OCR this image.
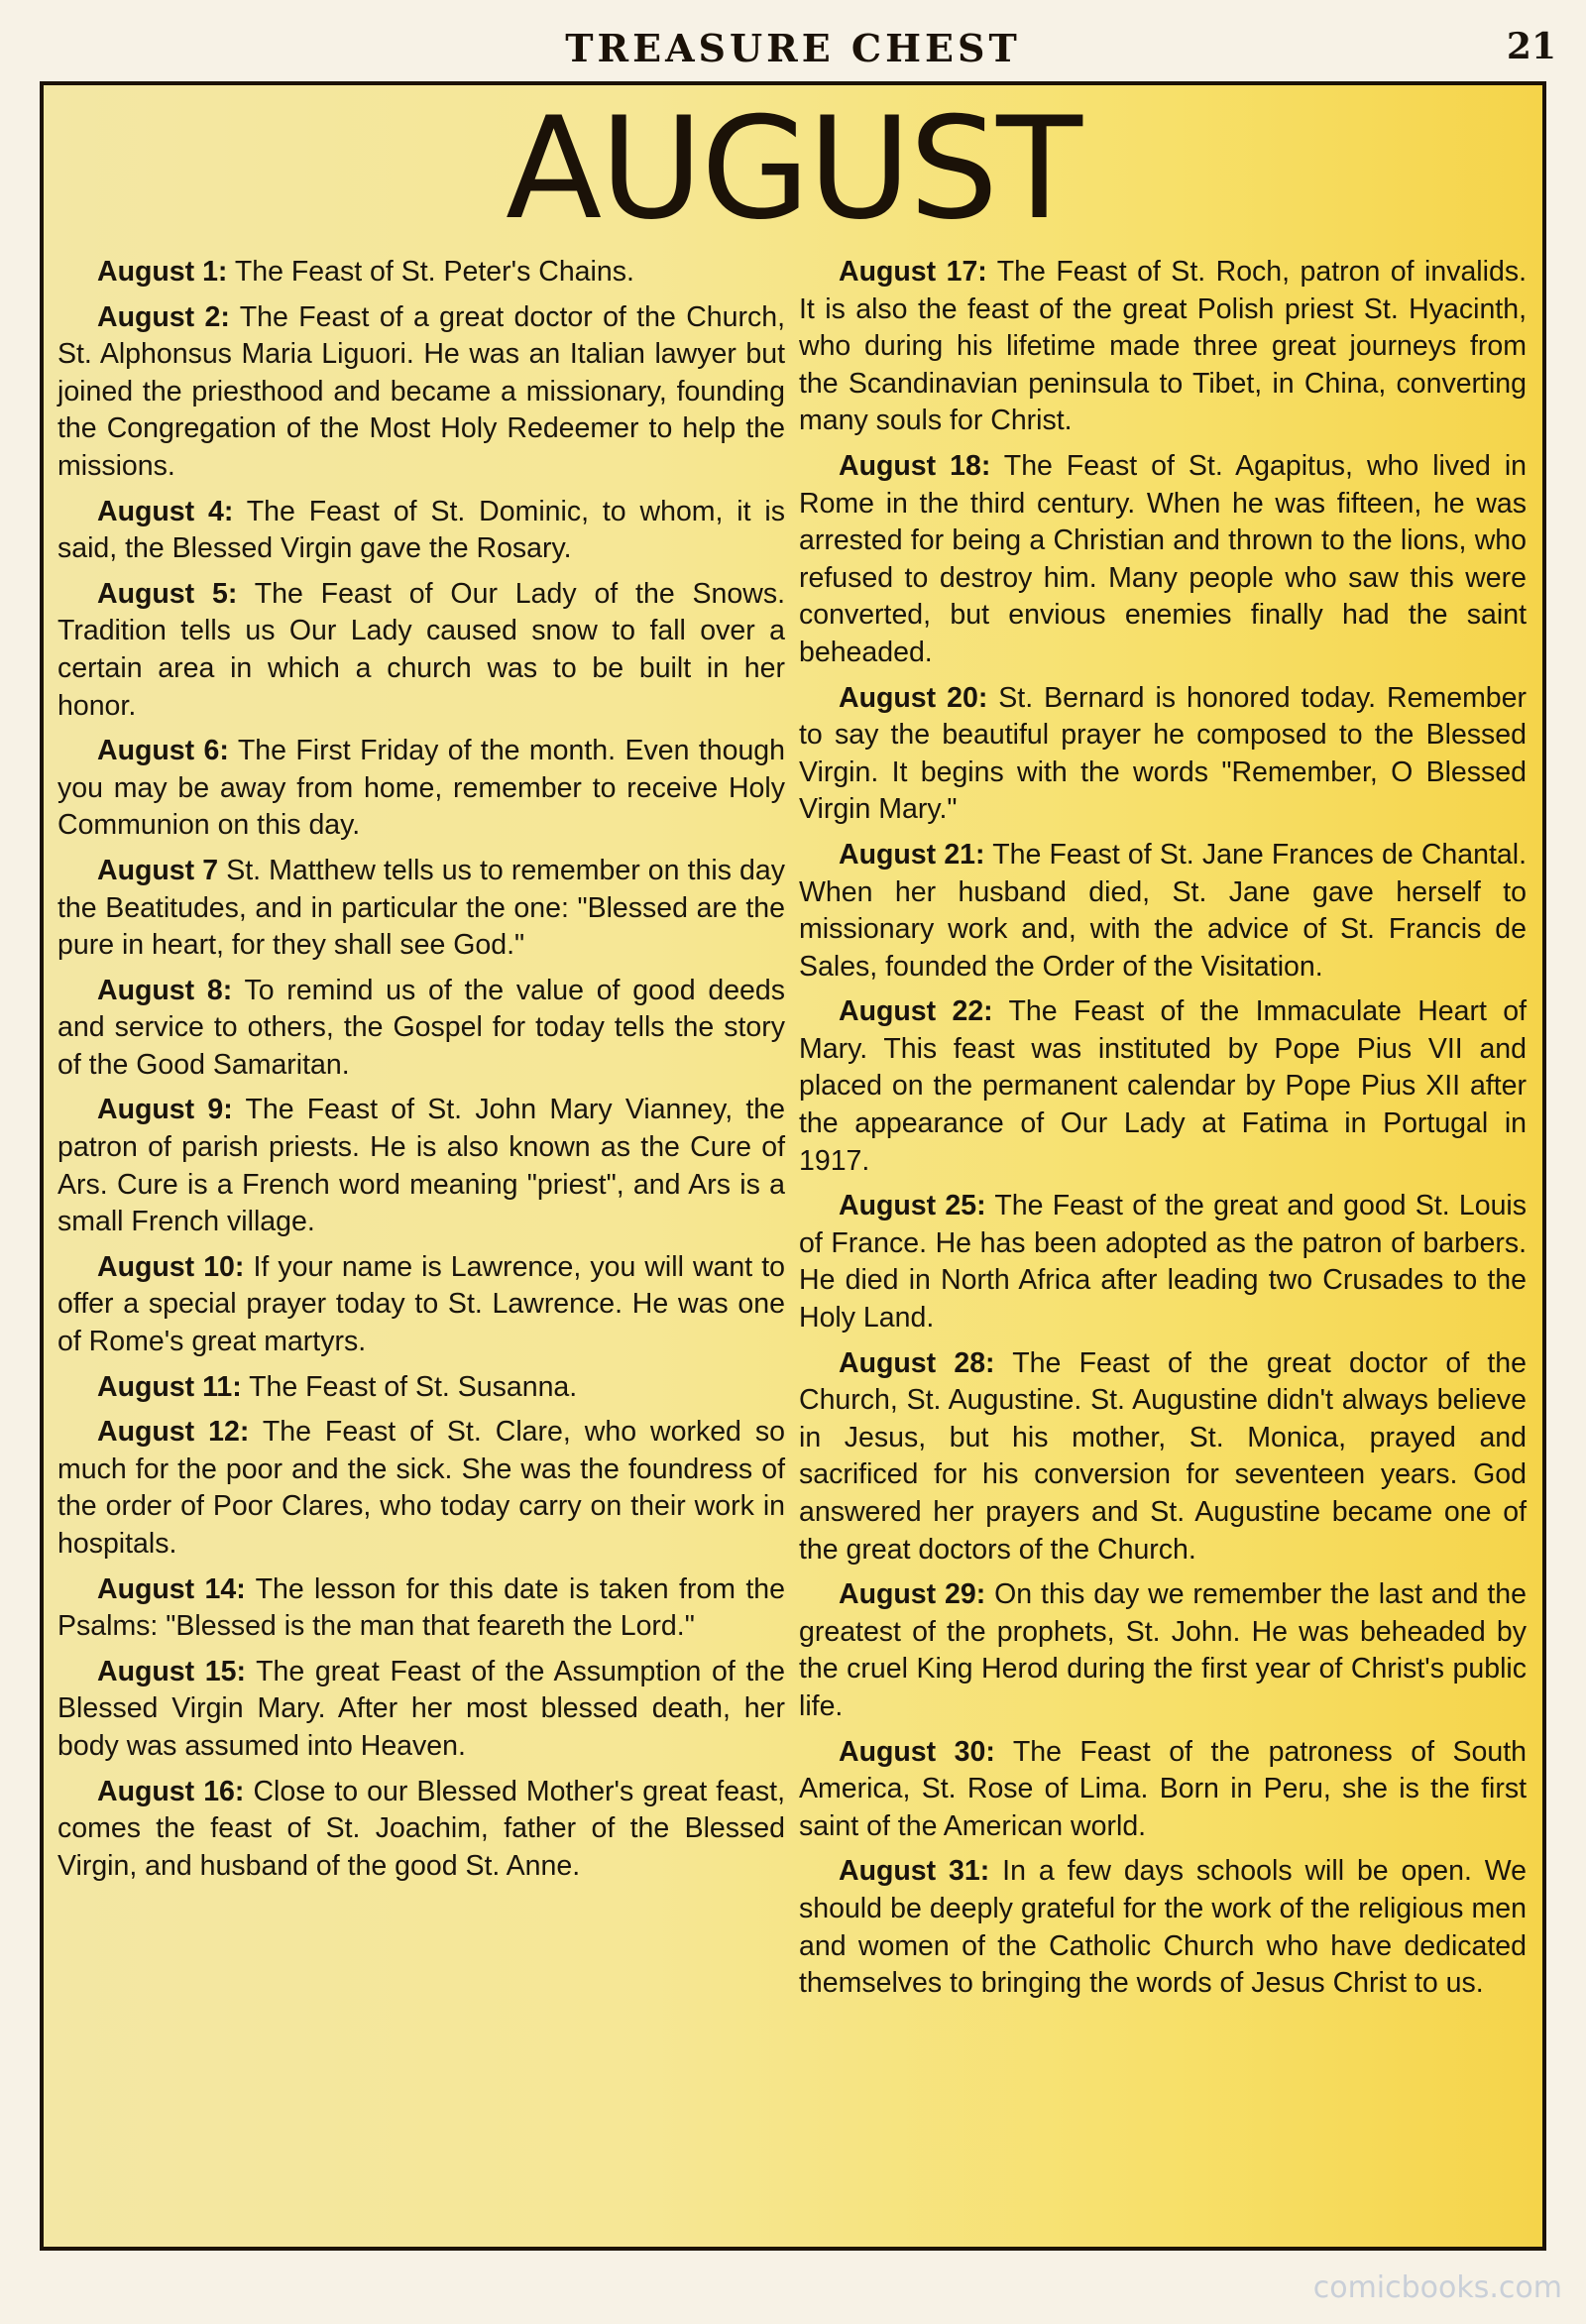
TREASURE CHEST	21
AUGUST

August 1: The Feast of St. Peter's Chains.

August 2: The Feast of a great doctor of the Church, St. Alphonsus Maria Liguori. He was an Italian lawyer but joined the priesthood and became a missionary, founding the Congregation of the Most Holy Redeemer to help the missions.

August 4: The Feast of St. Dominic, to whom, it is said, the Blessed Virgin gave the Rosary.

August 5: The Feast of Our Lady of the Snows. Tradition tells us Our Lady caused snow to fall over a certain area in which a church was to be built in her honor.

August 6: The First Friday of the month. Even though you may be away from home, remember to receive Holy Communion on this day.

August 7 St. Matthew tells us to remember on this day the Beatitudes, and in particular the one: "Blessed are the pure in heart, for they shall see God."

August 8: To remind us of the value of good deeds and service to others, the Gospel for today tells the story of the Good Samaritan.

August 9: The Feast of St. John Mary Vianney, the patron of parish priests. He is also known as the Cure of Ars. Cure is a French word meaning "priest", and Ars is a small French village.

August 10: If your name is Lawrence, you will want to offer a special prayer today to St. Lawrence. He was one of Rome's great martyrs.

August 11: The Feast of St. Susanna.

August 12: The Feast of St. Clare, who worked so much for the poor and the sick. She was the foundress of the order of Poor Clares, who today carry on their work in hospitals.

August 14: The lesson for this date is taken from the Psalms: "Blessed is the man that feareth the Lord."

August 15: The great Feast of the Assumption of the Blessed Virgin Mary. After her most blessed death, her body was assumed into Heaven.

August 16: Close to our Blessed Mother's great feast, comes the feast of St. Joachim, father of the Blessed Virgin, and husband of the good St. Anne.

August 17: The Feast of St. Roch, patron of invalids. It is also the feast of the great Polish priest St. Hyacinth, who during his lifetime made three great journeys from the Scandinavian peninsula to Tibet, in China, converting many souls for Christ.

August 18: The Feast of St. Agapitus, who lived in Rome in the third century. When he was fifteen, he was arrested for being a Christian and thrown to the lions, who refused to destroy him. Many people who saw this were converted, but envious enemies finally had the saint beheaded.

August 20: St. Bernard is honored today. Remember to say the beautiful prayer he composed to the Blessed Virgin. It begins with the words "Remember, O Blessed Virgin Mary."

August 21: The Feast of St. Jane Frances de Chantal. When her husband died, St. Jane gave herself to missionary work and, with the advice of St. Francis de Sales, founded the Order of the Visitation.

August 22: The Feast of the Immaculate Heart of Mary. This feast was instituted by Pope Pius VII and placed on the permanent calendar by Pope Pius XII after the appearance of Our Lady at Fatima in Portugal in 1917.

August 25: The Feast of the great and good St. Louis of France. He has been adopted as the patron of barbers. He died in North Africa after leading two Crusades to the Holy Land.

August 28: The Feast of the great doctor of the Church, St. Augustine. St. Augustine didn't always believe in Jesus, but his mother, St. Monica, prayed and sacrificed for his conversion for seventeen years. God answered her prayers and St. Augustine became one of the great doctors of the Church.

August 29: On this day we remember the last and the greatest of the prophets, St. John. He was beheaded by the cruel King Herod during the first year of Christ's public life.

August 30: The Feast of the patroness of South America, St. Rose of Lima. Born in Peru, she is the first saint of the American world.

August 31: In a few days schools will be open. We should be deeply grateful for the work of the religious men and women of the Catholic Church who have dedicated themselves to bringing the words of Jesus Christ to us.

comicbooks.com
